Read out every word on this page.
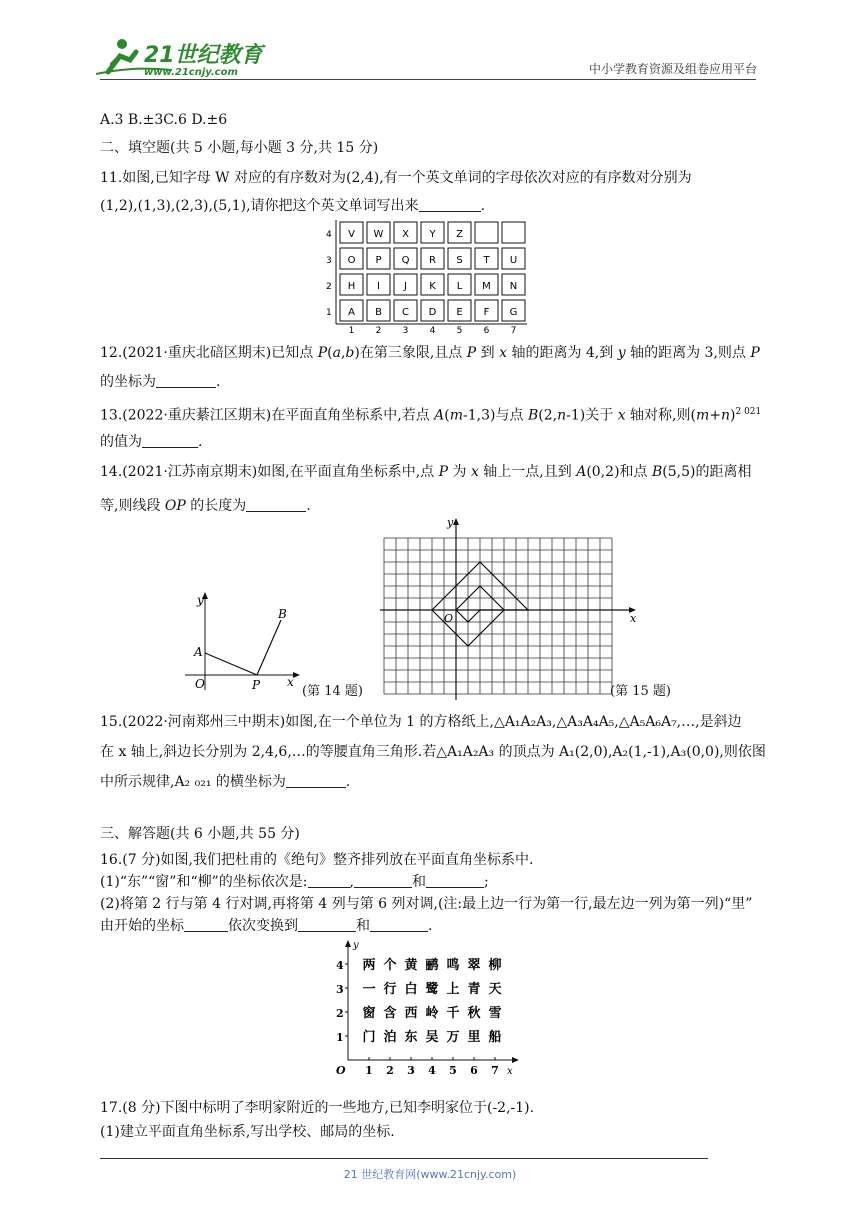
21世纪教育
www.21cnjy.com	中小学教育资源及组卷应用平台
A.3 B.±3C.6 D.±6
二、填空题(共 5 小题,每小题 3 分,共 15 分)
11.如图,已知字母 W 对应的有序数对为(2,4),有一个英文单词的字母依次对应的有序数对分别为
(1,2),(1,3),(2,3),(5,1),请你把这个英文单词写出来	.
4 V W X Y Z
3 O P Q R S T U
2 H I J K L M N
1 A B C D E F G
1 2 3 4 5 6 7
12.(2021·重庆北碚区期末)已知点 P(a,b)在第三象限,且点 P 到 x 轴的距离为 4,到 y 轴的距离为 3,则点 P
的坐标为	.
13.(2022·重庆綦江区期末)在平面直角坐标系中,若点 A(m-1,3)与点 B(2,n-1)关于 x 轴对称,则$(m+n)^{2 021}$
的值为	.
14.(2021·江苏南京期末)如图,在平面直角坐标系中,点 P 为 x 轴上一点,且到 A(0,2)和点 B(5,5)的距离相
等,则线段 OP 的长度为	.
y
x
A
B
O	P	(第 14 题)
y
x
O
(第 15 题)
15.(2022·河南郑州三中期末)如图,在一个单位为 1 的方格纸上,△A₁A₂A₃,△A₃A₄A₅,△A₅A₆A₇,…,是斜边
在 x 轴上,斜边长分别为 2,4,6,…的等腰直角三角形.若△A₁A₂A₃ 的顶点为 A₁(2,0),A₂(1,-1),A₃(0,0),则依图
中所示规律,A₂ ₀₂₁ 的横坐标为	.
三、解答题(共 6 小题,共 55 分)
16.(7 分)如图,我们把杜甫的《绝句》整齐排列放在平面直角坐标系中.
(1)“东”“窗”和“柳”的坐标依次是:	,	和	;
(2)将第 2 行与第 4 行对调,再将第 4 列与第 6 列对调,(注:最上边一行为第一行,最左边一列为第一列)“里”
由开始的坐标	依次变换到	和	.
y
x
O
4 两 个 黄 鹂 鸣 翠 柳
3 一 行 白 鹭 上 青 天
2 窗 含 西 岭 千 秋 雪
1 门 泊 东 吴 万 里 船
1 2 3 4 5 6 7
17.(8 分)下图中标明了李明家附近的一些地方,已知李明家位于(-2,-1).
(1)建立平面直角坐标系,写出学校、邮局的坐标.
21 世纪教育网(www.21cnjy.com)
